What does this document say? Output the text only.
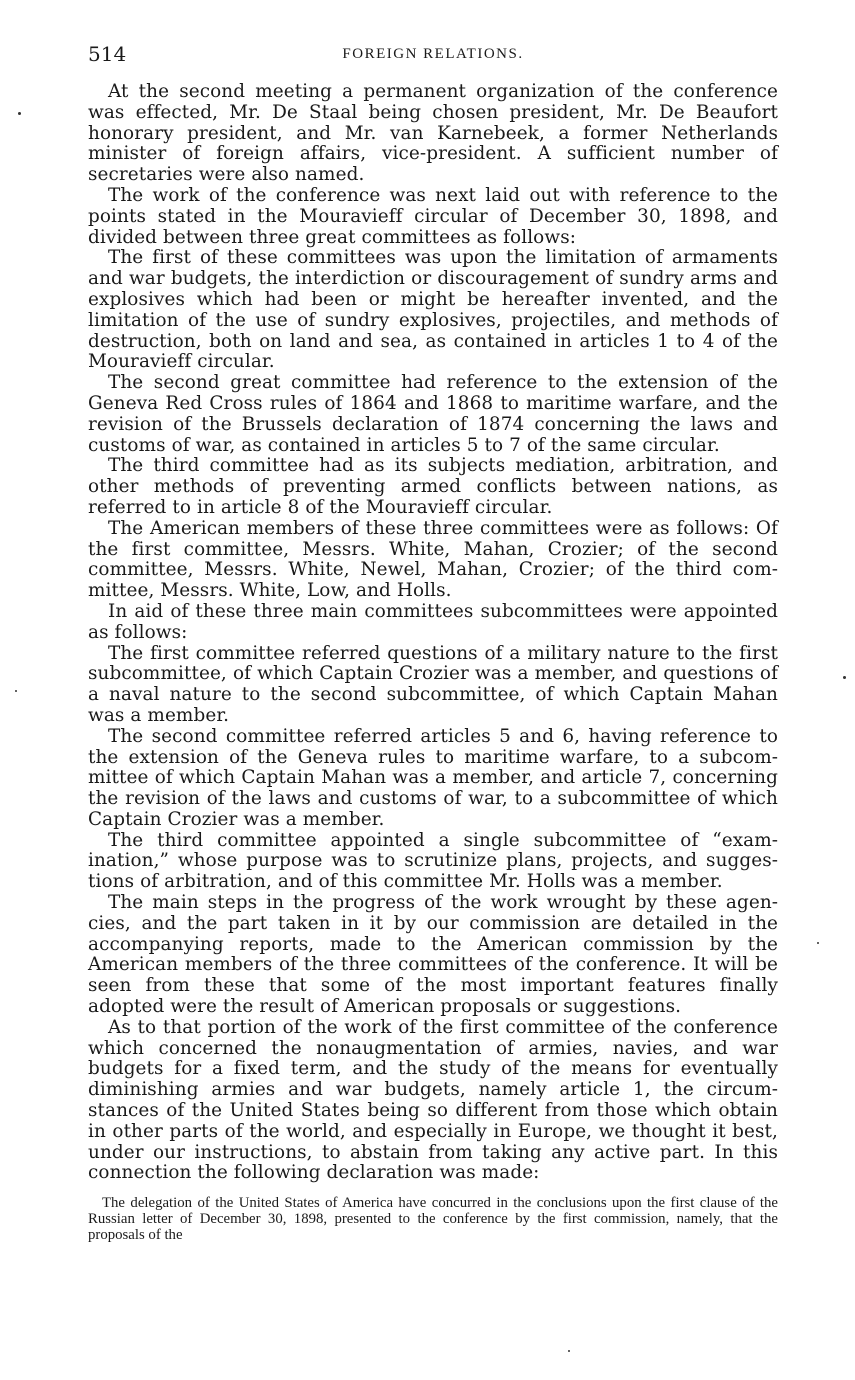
514	FOREIGN RELATIONS.

At the second meeting a permanent organization of the conference was effected, Mr. De Staal being chosen president, Mr. De Beaufort honorary president, and Mr. van Karnebeek, a former Netherlands minister of foreign affairs, vice-president. A sufficient number of secretaries were also named.

The work of the conference was next laid out with reference to the points stated in the Mouravieff circular of December 30, 1898, and divided between three great committees as follows:

The first of these committees was upon the limitation of armaments and war budgets, the interdiction or discouragement of sundry arms and explosives which had been or might be hereafter invented, and the limitation of the use of sundry explosives, projectiles, and methods of destruction, both on land and sea, as contained in articles 1 to 4 of the Mouravieff circular.

The second great committee had reference to the extension of the Geneva Red Cross rules of 1864 and 1868 to maritime warfare, and the revision of the Brussels declaration of 1874 concerning the laws and customs of war, as contained in articles 5 to 7 of the same circular.

The third committee had as its subjects mediation, arbitration, and other methods of preventing armed conflicts between nations, as referred to in article 8 of the Mouravieff circular.

The American members of these three committees were as follows: Of the first committee, Messrs. White, Mahan, Crozier; of the second committee, Messrs. White, Newel, Mahan, Crozier; of the third committee, Messrs. White, Low, and Holls.

In aid of these three main committees subcommittees were appointed as follows:

The first committee referred questions of a military nature to the first subcommittee, of which Captain Crozier was a member, and questions of a naval nature to the second subcommittee, of which Captain Mahan was a member.

The second committee referred articles 5 and 6, having reference to the extension of the Geneva rules to maritime warfare, to a subcommittee of which Captain Mahan was a member, and article 7, concerning the revision of the laws and customs of war, to a subcommittee of which Captain Crozier was a member.

The third committee appointed a single subcommittee of “examination,” whose purpose was to scrutinize plans, projects, and suggestions of arbitration, and of this committee Mr. Holls was a member.

The main steps in the progress of the work wrought by these agencies, and the part taken in it by our commission are detailed in the accompanying reports, made to the American commission by the American members of the three committees of the conference. It will be seen from these that some of the most important features finally adopted were the result of American proposals or suggestions.

As to that portion of the work of the first committee of the conference which concerned the nonaugmentation of armies, navies, and war budgets for a fixed term, and the study of the means for eventually diminishing armies and war budgets, namely article 1, the circumstances of the United States being so different from those which obtain in other parts of the world, and especially in Europe, we thought it best, under our instructions, to abstain from taking any active part. In this connection the following declaration was made:

The delegation of the United States of America have concurred in the conclusions upon the first clause of the Russian letter of December 30, 1898, presented to the conference by the first commission, namely, that the proposals of the
